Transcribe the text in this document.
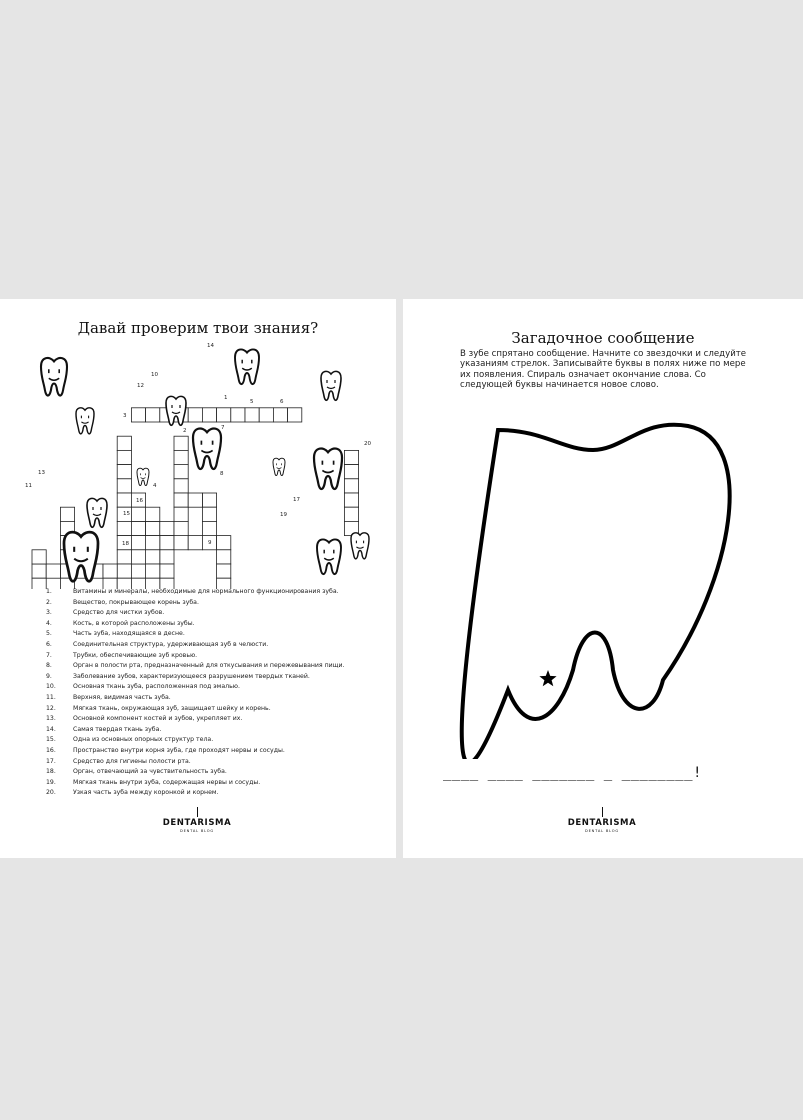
Давай проверим твои знания?
1
2
3
4
5	6
7
8
9
10
11
12
13
14
15
16	17
18
19
20
1.	Витамины и минералы, необходимые для нормального функционирования зуба.
2.	Вещество, покрывающее корень зуба.
3.	Средство для чистки зубов.
4.	Кость, в которой расположены зубы.
5.	Часть зуба, находящаяся в десне.
6.	Соединительная структура, удерживающая зуб в челюсти.
7.	Трубки, обеспечивающие зуб кровью.
8.	Орган в полости рта, предназначенный для откусывания и пережевывания пищи.
9.	Заболевание зубов, характеризующееся разрушением твердых тканей.
10.	Основная ткань зуба, расположенная под эмалью.
11.	Верхняя, видимая часть зуба.
12.	Мягкая ткань, окружающая зуб, защищает шейку и корень.
13.	Основной компонент костей и зубов, укрепляет их.
14.	Самая твердая ткань зуба.
15.	Одна из основных опорных структур тела.
16.	Пространство внутри корня зуба, где проходят нервы и сосуды.
17.	Средство для гигиены полости рта.
18.	Орган, отвечающий за чувствительность зуба.
19.	Мягкая ткань внутри зуба, содержащая нервы и сосуды.
20.	Узкая часть зуба между коронкой и корнем.
DENTARISMA
DENTAL BLOG
Загадочное сообщение
В зубе спрятано сообщение. Начните со звездочки и следуйте указаниям стрелок. Записывайте буквы в полях ниже по мере их появления. Спираль означает окончание слова. Со следующей буквы начинается новое слово.
____ ____ _______ _ ________!
DENTARISMA
DENTAL BLOG
